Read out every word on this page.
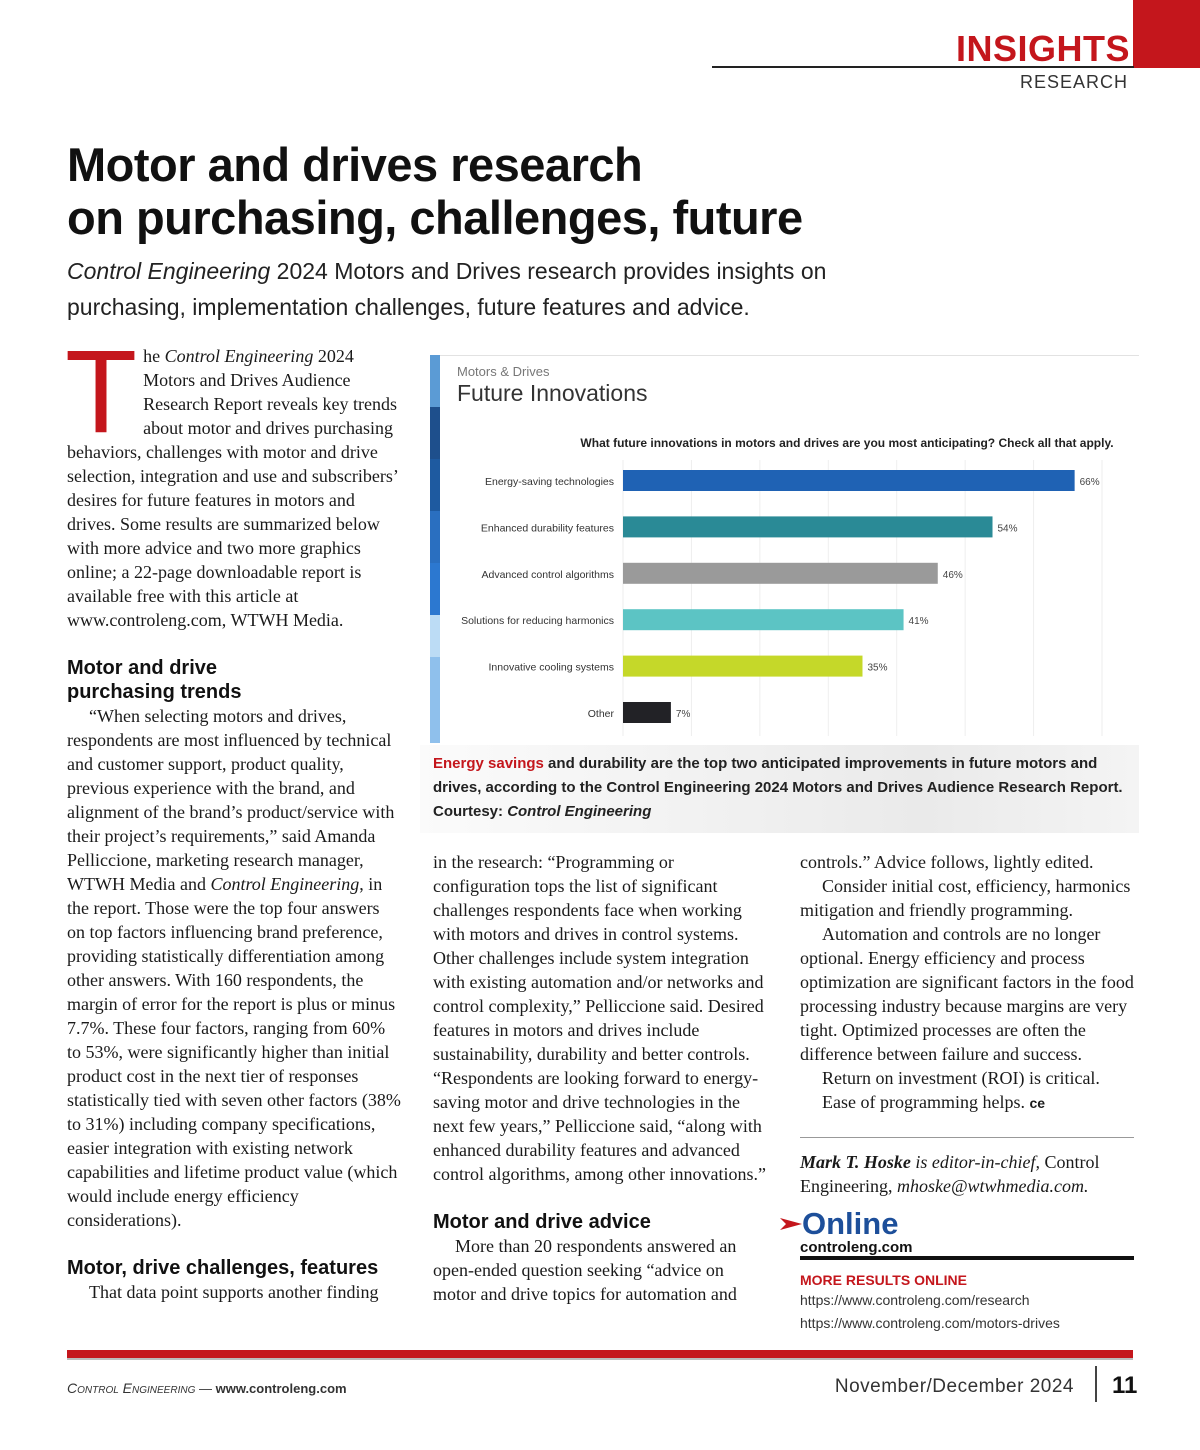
INSIGHTS
RESEARCH
Motor and drives research
on purchasing, challenges, future
Control Engineering 2024 Motors and Drives research provides insights on purchasing, implementation challenges, future features and advice.

The Control Engineering 2024 Motors and Drives Audience Research Report reveals key trends about motor and drives purchasing behaviors, challenges with motor and drive selection, integration and use and subscribers’ desires for future features in motors and drives. Some results are summarized below with more advice and two more graphics online; a 22-page downloadable report is available free with this article at www.controleng.com, WTWH Media.

Motor and drive purchasing trends

“When selecting motors and drives, respondents are most influenced by technical and customer support, product quality, previous experience with the brand, and alignment of the brand’s product/service with their project’s requirements,” said Amanda Pelliccione, marketing research manager, WTWH Media and Control Engineering, in the report. Those were the top four answers on top factors influencing brand preference, providing statistically differentiation among other answers. With 160 respondents, the margin of error for the report is plus or minus 7.7%. These four factors, ranging from 60% to 53%, were significantly higher than initial product cost in the next tier of responses statistically tied with seven other factors (38% to 31%) including company specifications, easier integration with existing network capabilities and lifetime product value (which would include energy efficiency considerations).

Motor, drive challenges, features

That data point supports another finding

Motors & Drives
Future Innovations
What future innovations in motors and drives are you most anticipating? Check all that apply.
Energy-saving technologies	66%
Enhanced durability features	54%
Advanced control algorithms	46%
Solutions for reducing harmonics	41%
Innovative cooling systems	35%
Other	7%
Energy savings and durability are the top two anticipated improvements in future motors and drives, according to the Control Engineering 2024 Motors and Drives Audience Research Report. Courtesy: Control Engineering

in the research: “Programming or configuration tops the list of significant challenges respondents face when working with motors and drives in control systems. Other challenges include system integration with existing automation and/or networks and control complexity,” Pelliccione said. Desired features in motors and drives include sustainability, durability and better controls. “Respondents are looking forward to energy-saving motor and drive technologies in the next few years,” Pelliccione said, “along with enhanced durability features and advanced control algorithms, among other innovations.”

Motor and drive advice

More than 20 respondents answered an open-ended question seeking “advice on motor and drive topics for automation and

controls.” Advice follows, lightly edited.

Consider initial cost, efficiency, harmonics mitigation and friendly programming.

Automation and controls are no longer optional. Energy efficiency and process optimization are significant factors in the food processing industry because margins are very tight. Optimized processes are often the difference between failure and success.

Return on investment (ROI) is critical.

Ease of programming helps. ce

Mark T. Hoske is editor-in-chief, Control Engineering, mhoske@wtwhmedia.com.

Online
controleng.com
MORE RESULTS ONLINE
https://www.controleng.com/research
https://www.controleng.com/motors-drives
Control Engineering — www.controleng.com	November/December 2024 11
